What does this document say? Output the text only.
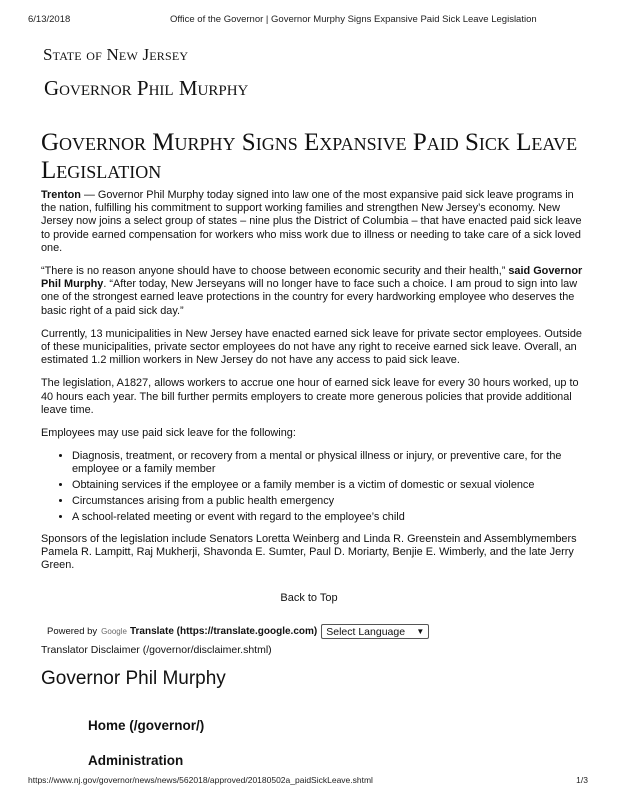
6/13/2018	Office of the Governor | Governor Murphy Signs Expansive Paid Sick Leave Legislation
State of New Jersey
Governor Phil Murphy
Governor Murphy Signs Expansive Paid Sick Leave Legislation

Trenton — Governor Phil Murphy today signed into law one of the most expansive paid sick leave programs in the nation, fulfilling his commitment to support working families and strengthen New Jersey’s economy. New Jersey now joins a select group of states – nine plus the District of Columbia – that have enacted paid sick leave to provide earned compensation for workers who miss work due to illness or needing to take care of a sick loved one.

“There is no reason anyone should have to choose between economic security and their health,” said Governor Phil Murphy. “After today, New Jerseyans will no longer have to face such a choice. I am proud to sign into law one of the strongest earned leave protections in the country for every hardworking employee who deserves the basic right of a paid sick day.”

Currently, 13 municipalities in New Jersey have enacted earned sick leave for private sector employees. Outside of these municipalities, private sector employees do not have any right to receive earned sick leave. Overall, an estimated 1.2 million workers in New Jersey do not have any access to paid sick leave.

The legislation, A1827, allows workers to accrue one hour of earned sick leave for every 30 hours worked, up to 40 hours each year. The bill further permits employers to create more generous policies that provide additional leave time.

Employees may use paid sick leave for the following:

• Diagnosis, treatment, or recovery from a mental or physical illness or injury, or preventive care, for the employee or a family member
• Obtaining services if the employee or a family member is a victim of domestic or sexual violence
• Circumstances arising from a public health emergency
• A school-related meeting or event with regard to the employee’s child

Sponsors of the legislation include Senators Loretta Weinberg and Linda R. Greenstein and Assemblymembers Pamela R. Lampitt, Raj Mukherji, Shavonda E. Sumter, Paul D. Moriarty, Benjie E. Wimberly, and the late Jerry Green.

Back to Top
Powered by Google Translate (https://translate.google.com) Select Language ▼
Translator Disclaimer (/governor/disclaimer.shtml)
Governor Phil Murphy
Home (/governor/)
Administration
https://www.nj.gov/governor/news/news/562018/approved/20180502a_paidSickLeave.shtml	1/3
